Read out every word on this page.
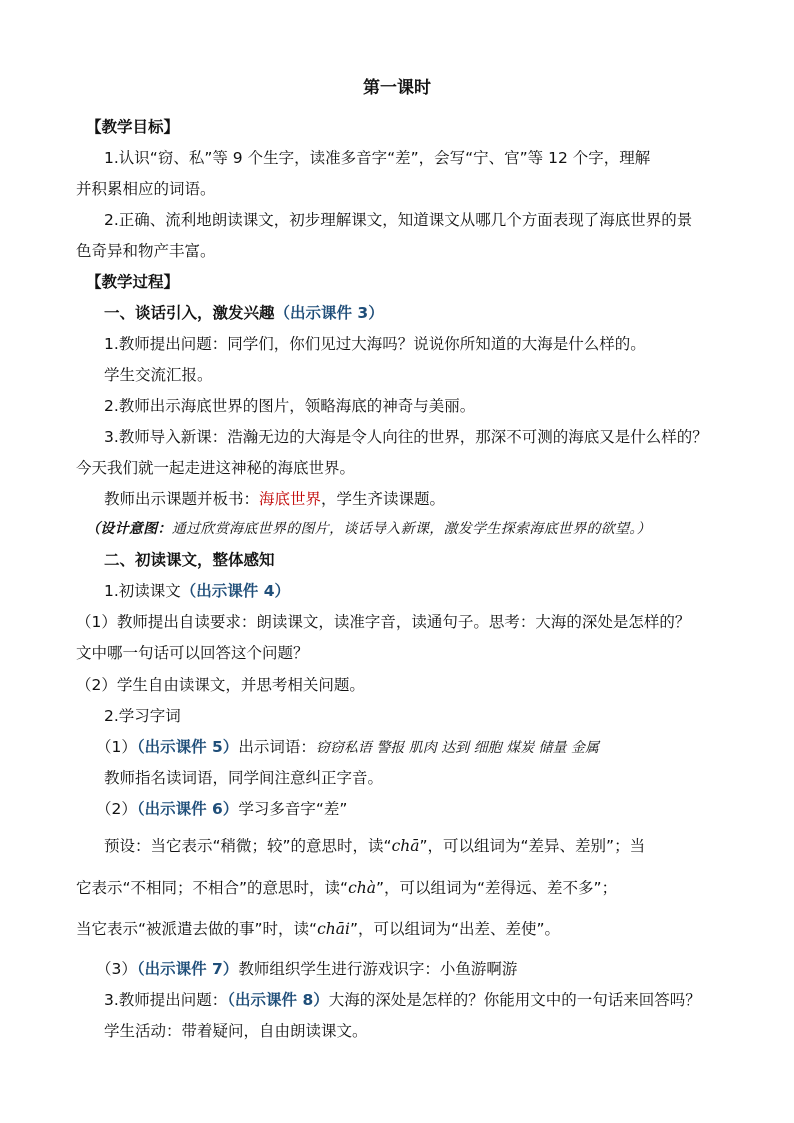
第一课时
【教学目标】
1.认识“窃、私”等 9 个生字，读准多音字“差”，会写“宁、官”等 12 个字，理解
并积累相应的词语。
2.正确、流利地朗读课文，初步理解课文，知道课文从哪几个方面表现了海底世界的景
色奇异和物产丰富。
【教学过程】
一、谈话引入，激发兴趣（出示课件 3）
1.教师提出问题：同学们，你们见过大海吗？说说你所知道的大海是什么样的。
学生交流汇报。
2.教师出示海底世界的图片，领略海底的神奇与美丽。
3.教师导入新课：浩瀚无边的大海是令人向往的世界，那深不可测的海底又是什么样的？
今天我们就一起走进这神秘的海底世界。
教师出示课题并板书：海底世界，学生齐读课题。
（设计意图：通过欣赏海底世界的图片，谈话导入新课，激发学生探索海底世界的欲望。）
二、初读课文，整体感知
1.初读课文（出示课件 4）
（1）教师提出自读要求：朗读课文，读准字音，读通句子。思考：大海的深处是怎样的？
文中哪一句话可以回答这个问题？
（2）学生自由读课文，并思考相关问题。
2.学习字词
（1）（出示课件 5）出示词语：窃窃私语 警报 肌肉 达到 细胞 煤炭 储量 金属
教师指名读词语，同学间注意纠正字音。
（2）（出示课件 6）学习多音字“差”
预设：当它表示“稍微；较”的意思时，读“chā”，可以组词为“差异、差别”；当
它表示“不相同；不相合”的意思时，读“chà”，可以组词为“差得远、差不多”；
当它表示“被派遣去做的事”时，读“chāi”，可以组词为“出差、差使”。
（3）（出示课件 7）教师组织学生进行游戏识字：小鱼游啊游
3.教师提出问题：（出示课件 8）大海的深处是怎样的？你能用文中的一句话来回答吗？
学生活动：带着疑问，自由朗读课文。
